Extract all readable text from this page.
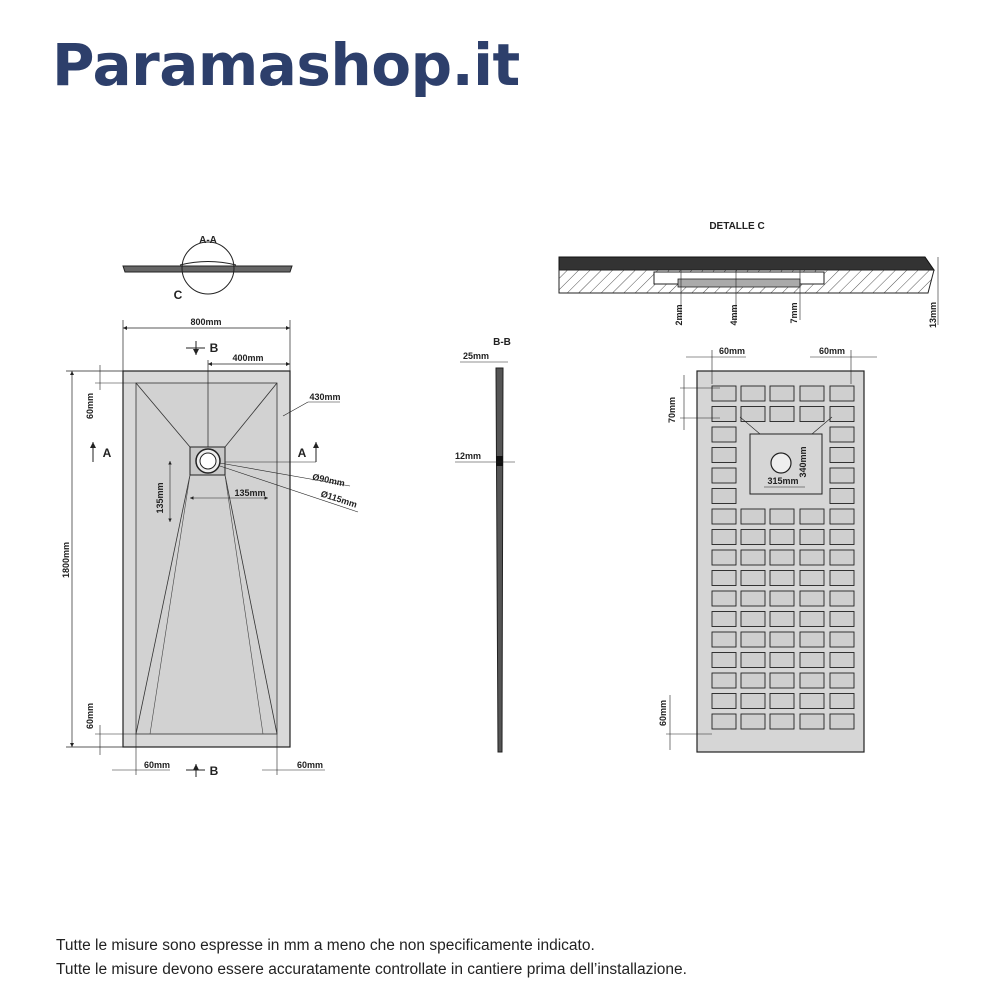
Paramashop.it
A-A
C
800mm
400mm
B
B
A	A
1800mm
60mm
60mm
135mm	135mm
Ø90mm
Ø115mm
430mm
60mm	60mm
B-B
25mm
12mm
DETALLE C
2mm	4mm	7mm	13mm
60mm	60mm
70mm
315mm
340mm
60mm
Tutte le misure sono espresse in mm a meno che non specificamente indicato.
Tutte le misure devono essere accuratamente controllate in cantiere prima dell’installazione.
